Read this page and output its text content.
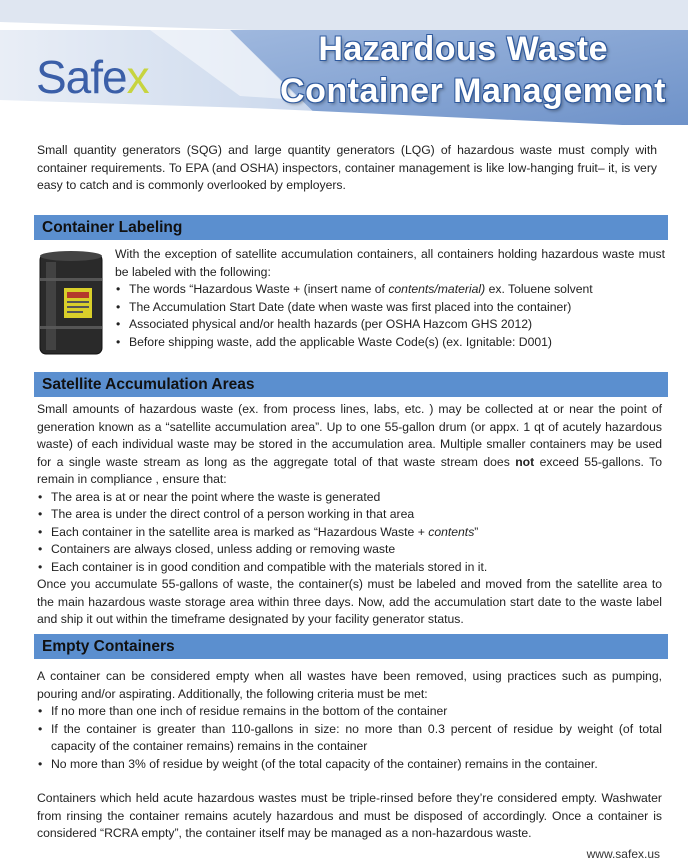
Safex
Hazardous Waste
Container Management

Small quantity generators (SQG) and large quantity generators (LQG) of hazardous waste must comply with container requirements. To EPA (and OSHA) inspectors, container management is like low-hanging fruit– it, is very easy to catch and is commonly overlooked by employers.

Container Labeling

With the exception of satellite accumulation containers, all containers holding hazardous waste must be labeled with the following:

• The words “Hazardous Waste + (insert name of contents/material) ex. Toluene solvent
• The Accumulation Start Date (date when waste was first placed into the container)
• Associated physical and/or health hazards (per OSHA Hazcom GHS 2012)
• Before shipping waste, add the applicable Waste Code(s) (ex. Ignitable: D001)
Satellite Accumulation Areas

Small amounts of hazardous waste (ex. from process lines, labs, etc. ) may be collected at or near the point of generation known as a “satellite accumulation area”. Up to one 55-gallon drum (or appx. 1 qt of acutely hazardous waste) of each individual waste may be stored in the accumulation area. Multiple smaller containers may be used for a single waste stream as long as the aggregate total of that waste stream does not exceed 55-gallons. To remain in compliance , ensure that:

• The area is at or near the point where the waste is generated
• The area is under the direct control of a person working in that area
• Each container in the satellite area is marked as “Hazardous Waste + contents”
• Containers are always closed, unless adding or removing waste
• Each container is in good condition and compatible with the materials stored in it.

Once you accumulate 55-gallons of waste, the container(s) must be labeled and moved from the satellite area to the main hazardous waste storage area within three days. Now, add the accumulation start date to the waste label and ship it out within the timeframe designated by your facility generator status.

Empty Containers

A container can be considered empty when all wastes have been removed, using practices such as pumping, pouring and/or aspirating. Additionally, the following criteria must be met:

• If no more than one inch of residue remains in the bottom of the container
• If the container is greater than 110-gallons in size: no more than 0.3 percent of residue by weight (of total capacity of the container remains) remains in the container
• No more than 3% of residue by weight (of the total capacity of the container) remains in the container.

Containers which held acute hazardous wastes must be triple-rinsed before they’re considered empty. Washwater from rinsing the container remains acutely hazardous and must be disposed of accordingly. Once a container is considered “RCRA empty”, the container itself may be managed as a non-hazardous waste.

www.safex.us
